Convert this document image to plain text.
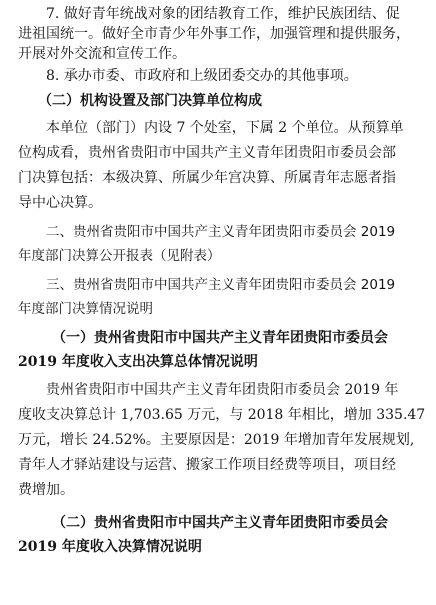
7. 做好青年统战对象的团结教育工作，维护民族团结、促
进祖国统一。做好全市青少年外事工作，加强管理和提供服务，
开展对外交流和宣传工作。
8. 承办市委、市政府和上级团委交办的其他事项。
（二）机构设置及部门决算单位构成
本单位（部门）内设 7 个处室，下属 2 个单位。从预算单
位构成看，贵州省贵阳市中国共产主义青年团贵阳市委员会部
门决算包括：本级决算、所属少年宫决算、所属青年志愿者指
导中心决算。
二、贵州省贵阳市中国共产主义青年团贵阳市委员会 2019
年度部门决算公开报表（见附表）
三、贵州省贵阳市中国共产主义青年团贵阳市委员会 2019
年度部门决算情况说明
（一）贵州省贵阳市中国共产主义青年团贵阳市委员会
2019 年度收入支出决算总体情况说明
贵州省贵阳市中国共产主义青年团贵阳市委员会 2019 年
度收支决算总计 1,703.65 万元，与 2018 年相比，增加 335.47
万元，增长 24.52%。主要原因是：2019 年增加青年发展规划,
青年人才驿站建设与运营、搬家工作项目经费等项目，项目经
费增加。
（二）贵州省贵阳市中国共产主义青年团贵阳市委员会
2019 年度收入决算情况说明
